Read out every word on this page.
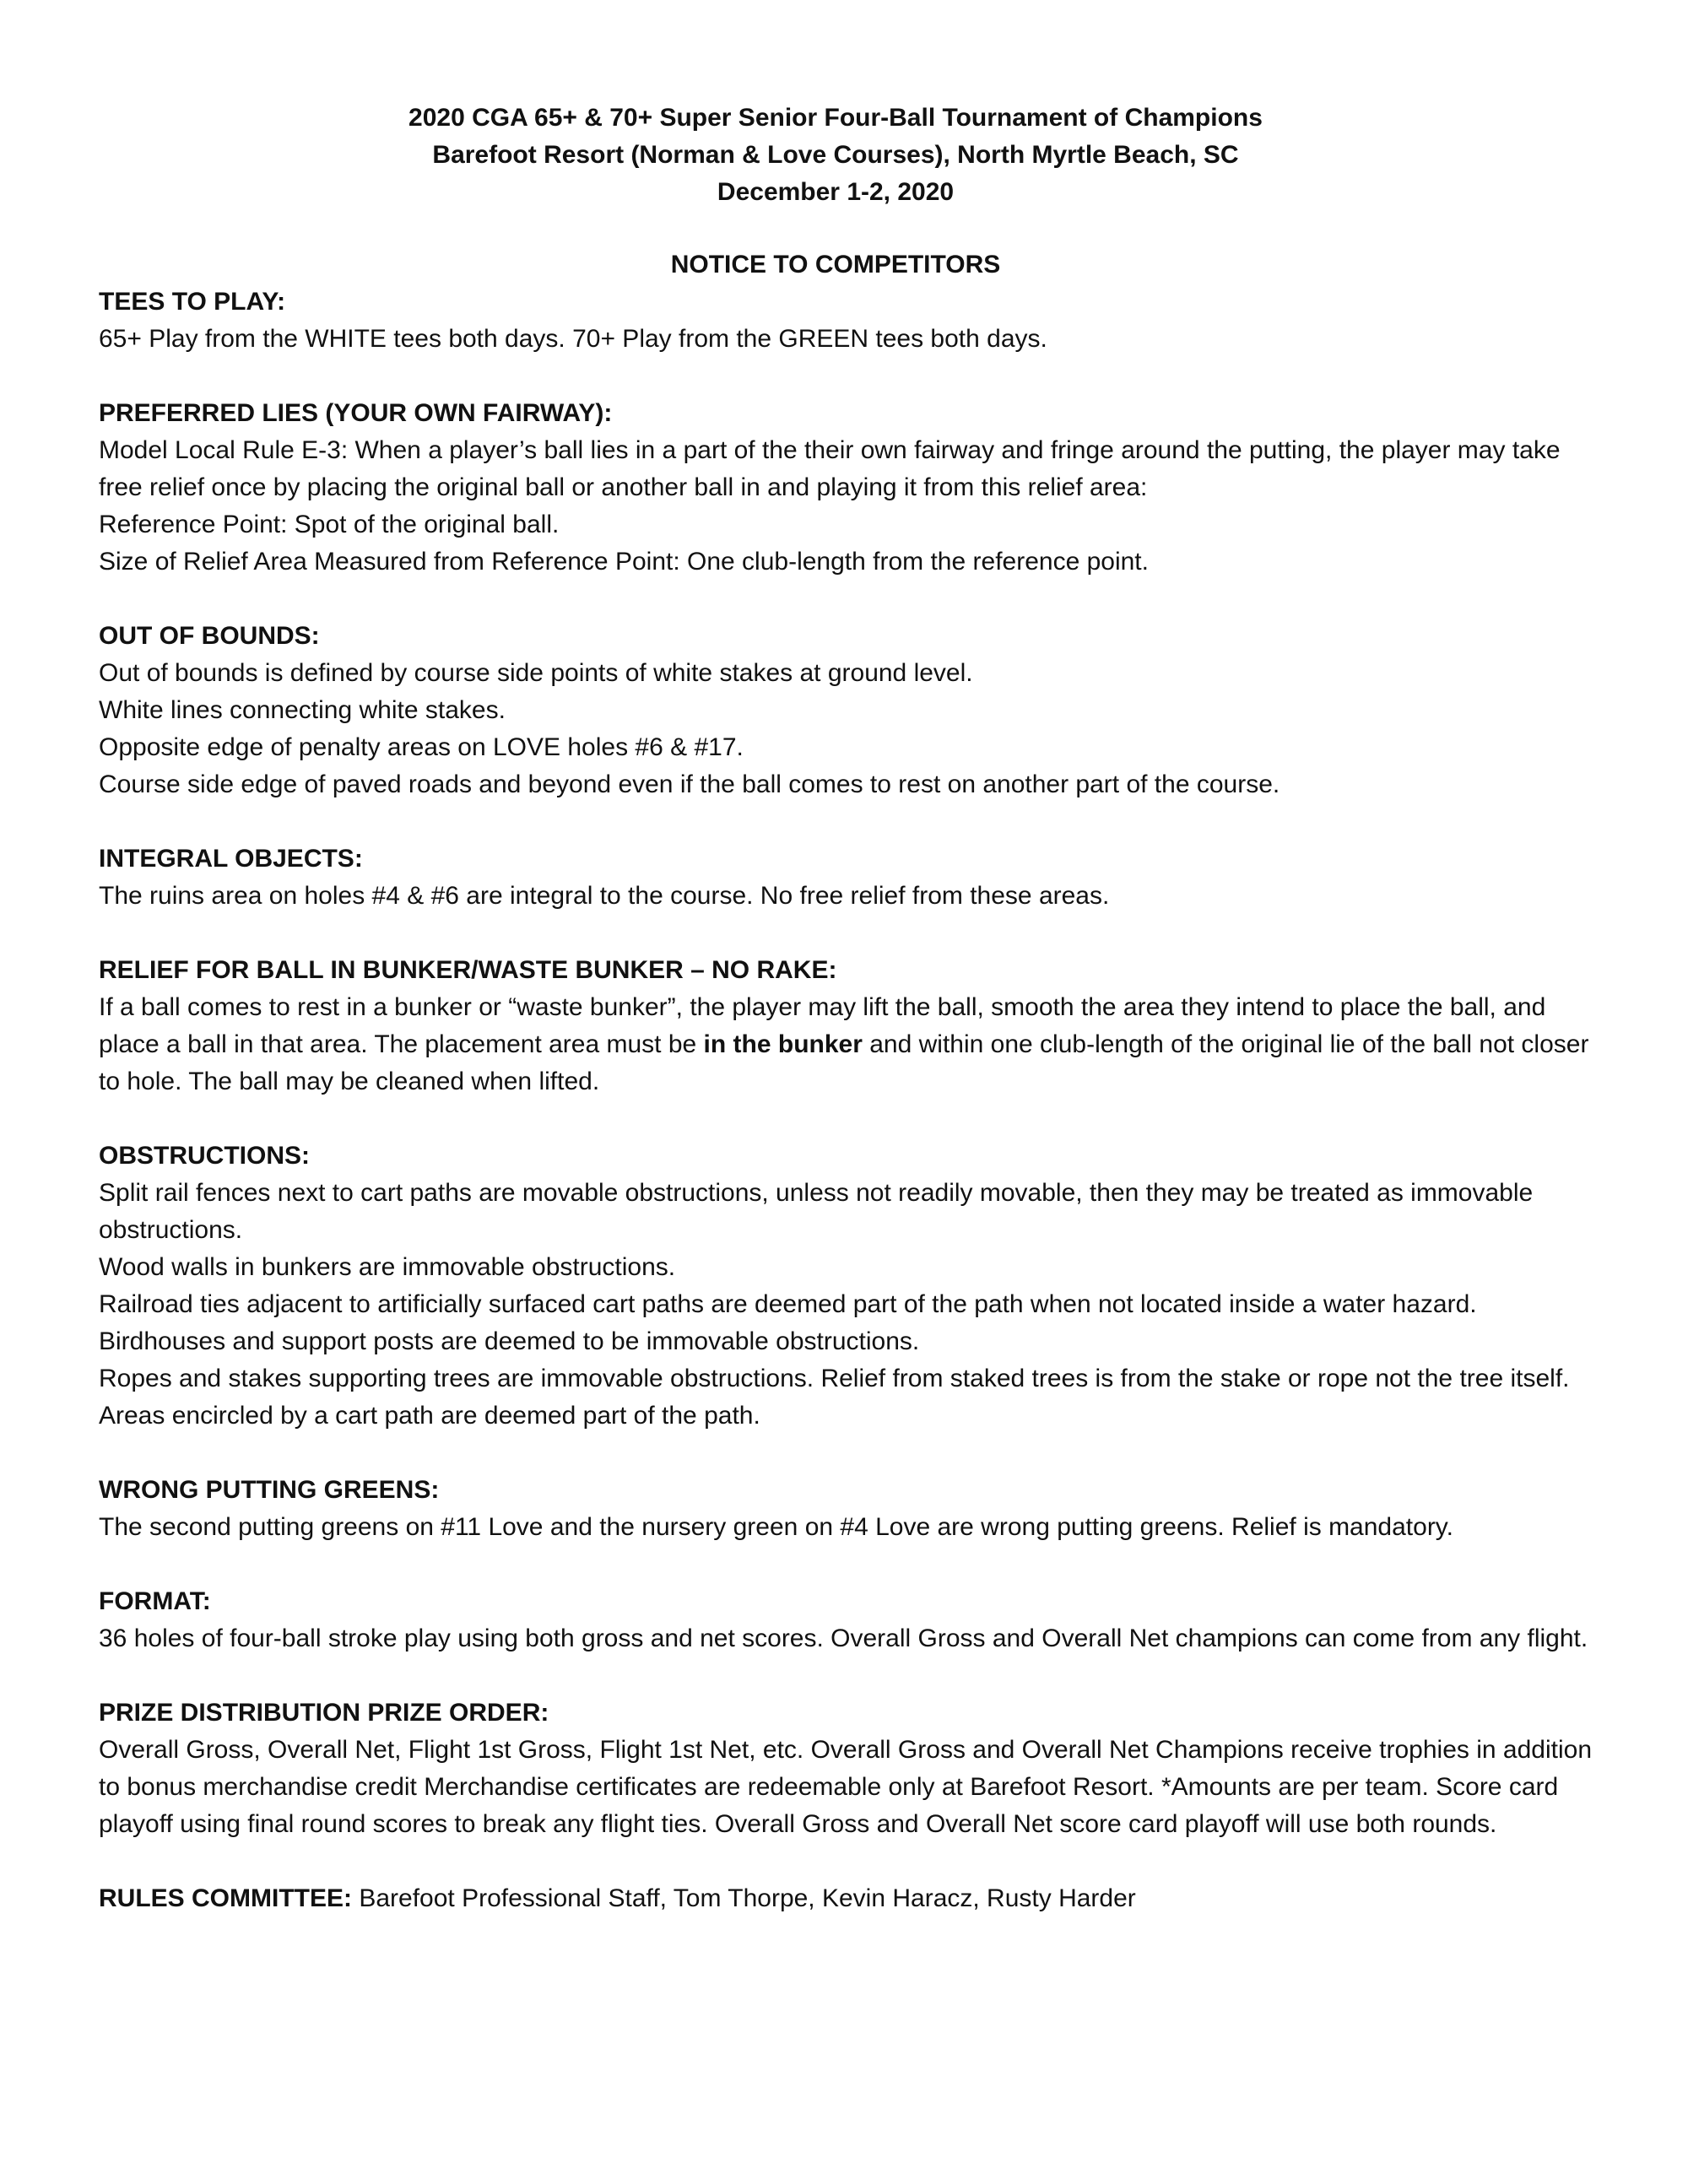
2020 CGA 65+ & 70+ Super Senior Four-Ball Tournament of Champions
Barefoot Resort (Norman & Love Courses), North Myrtle Beach, SC
December 1-2, 2020
NOTICE TO COMPETITORS
TEES TO PLAY:
65+ Play from the WHITE tees both days. 70+ Play from the GREEN tees both days.
PREFERRED LIES (YOUR OWN FAIRWAY):
Model Local Rule E-3: When a player’s ball lies in a part of the their own fairway and fringe around the putting, the player may take free relief once by placing the original ball or another ball in and playing it from this relief area:
Reference Point: Spot of the original ball.
Size of Relief Area Measured from Reference Point: One club-length from the reference point.
OUT OF BOUNDS:
Out of bounds is defined by course side points of white stakes at ground level.
White lines connecting white stakes.
Opposite edge of penalty areas on LOVE holes #6 & #17.
Course side edge of paved roads and beyond even if the ball comes to rest on another part of the course.
INTEGRAL OBJECTS:
The ruins area on holes #4 & #6 are integral to the course. No free relief from these areas.
RELIEF FOR BALL IN BUNKER/WASTE BUNKER – NO RAKE:
If a ball comes to rest in a bunker or “waste bunker”, the player may lift the ball, smooth the area they intend to place the ball, and place a ball in that area. The placement area must be in the bunker and within one club-length of the original lie of the ball not closer to hole. The ball may be cleaned when lifted.
OBSTRUCTIONS:
Split rail fences next to cart paths are movable obstructions, unless not readily movable, then they may be treated as immovable obstructions.
Wood walls in bunkers are immovable obstructions.
Railroad ties adjacent to artificially surfaced cart paths are deemed part of the path when not located inside a water hazard.
Birdhouses and support posts are deemed to be immovable obstructions.
Ropes and stakes supporting trees are immovable obstructions. Relief from staked trees is from the stake or rope not the tree itself. Areas encircled by a cart path are deemed part of the path.
WRONG PUTTING GREENS:
The second putting greens on #11 Love and the nursery green on #4 Love are wrong putting greens. Relief is mandatory.
FORMAT:
36 holes of four-ball stroke play using both gross and net scores. Overall Gross and Overall Net champions can come from any flight.
PRIZE DISTRIBUTION PRIZE ORDER:
Overall Gross, Overall Net, Flight 1st Gross, Flight 1st Net, etc. Overall Gross and Overall Net Champions receive trophies in addition to bonus merchandise credit Merchandise certificates are redeemable only at Barefoot Resort. *Amounts are per team. Score card playoff using final round scores to break any flight ties. Overall Gross and Overall Net score card playoff will use both rounds.
RULES COMMITTEE: Barefoot Professional Staff, Tom Thorpe, Kevin Haracz, Rusty Harder
